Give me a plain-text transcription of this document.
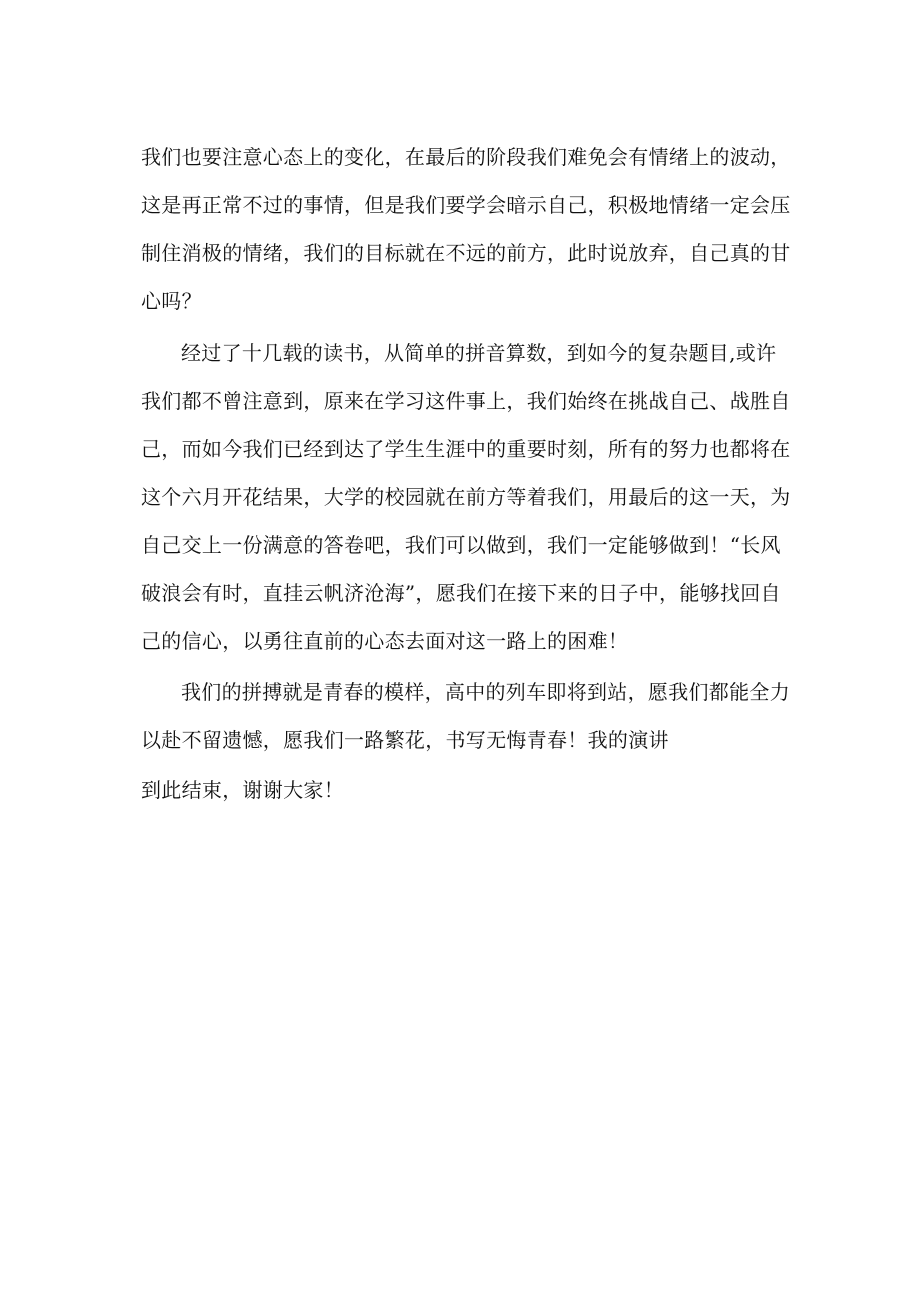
我们也要注意心态上的变化，在最后的阶段我们难免会有情绪上的波动，
这是再正常不过的事情，但是我们要学会暗示自己，积极地情绪一定会压
制住消极的情绪，我们的目标就在不远的前方，此时说放弃，自己真的甘
心吗？
经过了十几载的读书，从简单的拼音算数，到如今的复杂题目,或许
我们都不曾注意到，原来在学习这件事上，我们始终在挑战自己、战胜自
己，而如今我们已经到达了学生生涯中的重要时刻，所有的努力也都将在
这个六月开花结果，大学的校园就在前方等着我们，用最后的这一天，为
自己交上一份满意的答卷吧，我们可以做到，我们一定能够做到！“长风
破浪会有时，直挂云帆济沧海”，愿我们在接下来的日子中，能够找回自
己的信心，以勇往直前的心态去面对这一路上的困难！
我们的拼搏就是青春的模样，高中的列车即将到站，愿我们都能全力
以赴不留遗憾，愿我们一路繁花，书写无悔青春！我的演讲
到此结束，谢谢大家！
